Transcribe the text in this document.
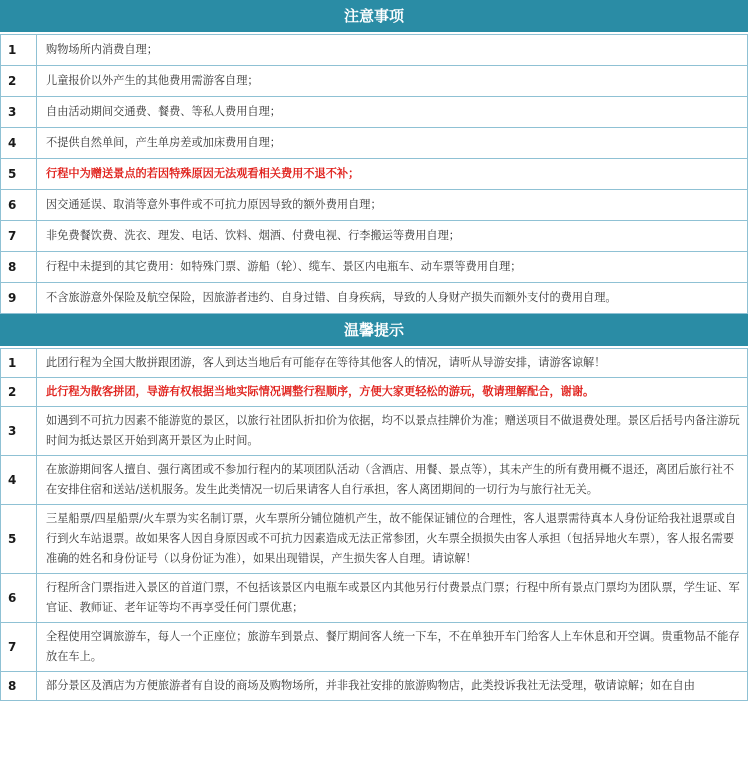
注意事项
1	购物场所内消费自理；
2	儿童报价以外产生的其他费用需游客自理；
3	自由活动期间交通费、餐费、等私人费用自理；
4	不提供自然单间，产生单房差或加床费用自理；
5	行程中为赠送景点的若因特殊原因无法观看相关费用不退不补；
6	因交通延误、取消等意外事件或不可抗力原因导致的额外费用自理；
7	非免费餐饮费、洗衣、理发、电话、饮料、烟酒、付费电视、行李搬运等费用自理；
8	行程中未提到的其它费用：如特殊门票、游船（轮）、缆车、景区内电瓶车、动车票等费用自理；
9	不含旅游意外保险及航空保险，因旅游者违约、自身过错、自身疾病，导致的人身财产损失而额外支付的费用自理。
温馨提示
1	此团行程为全国大散拼跟团游，客人到达当地后有可能存在等待其他客人的情况，请听从导游安排，请游客谅解！
2	此行程为散客拼团，导游有权根据当地实际情况调整行程顺序，方便大家更轻松的游玩，敬请理解配合，谢谢。
3	如遇到不可抗力因素不能游览的景区，以旅行社团队折扣价为依据，均不以景点挂牌价为准；赠送项目不做退费处理。景区后括号内备注游玩时间为抵达景区开始到离开景区为止时间。
4	在旅游期间客人擅自、强行离团或不参加行程内的某项团队活动（含酒店、用餐、景点等），其未产生的所有费用概不退还，离团后旅行社不在安排住宿和送站/送机服务。发生此类情况一切后果请客人自行承担，客人离团期间的一切行为与旅行社无关。
5	三星船票/四星船票/火车票为实名制订票，火车票所分铺位随机产生，故不能保证铺位的合理性，客人退票需待真本人身份证给我社退票或自行到火车站退票。故如果客人因自身原因或不可抗力因素造成无法正常参团，火车票全损损失由客人承担（包括异地火车票），客人报名需要准确的姓名和身份证号（以身份证为准），如果出现错误，产生损失客人自理。请谅解！
6	行程所含门票指进入景区的首道门票，不包括该景区内电瓶车或景区内其他另行付费景点门票；行程中所有景点门票均为团队票，学生证、军官证、教师证、老年证等均不再享受任何门票优惠；
7	全程使用空调旅游车，每人一个正座位；旅游车到景点、餐厅期间客人统一下车，不在单独开车门给客人上车休息和开空调。贵重物品不能存放在车上。
8	部分景区及酒店为方便旅游者有自设的商场及购物场所，并非我社安排的旅游购物店，此类投诉我社无法受理，敬请谅解；如在自由
